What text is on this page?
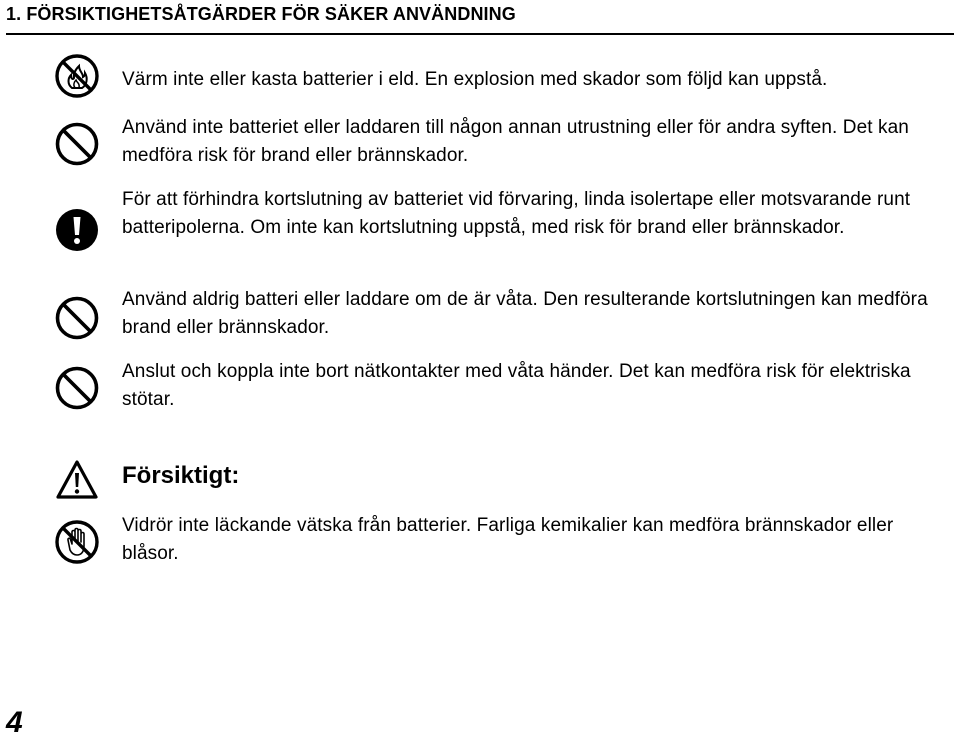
1. FÖRSIKTIGHETSÅTGÄRDER FÖR SÄKER ANVÄNDNING
Värm inte eller kasta batterier i eld. En explosion med skador som följd kan uppstå.
Använd inte batteriet eller laddaren till någon annan utrustning eller för andra syften. Det kan medföra risk för brand eller brännskador.
För att förhindra kortslutning av batteriet vid förvaring, linda isolertape eller motsvarande runt batteripolerna. Om inte kan kortslutning uppstå, med risk för brand eller brännskador.
Använd aldrig batteri eller laddare om de är våta. Den resulterande kortslutningen kan medföra brand eller brännskador.
Anslut och koppla inte bort nätkontakter med våta händer. Det kan medföra risk för elektriska stötar.
Försiktigt:
Vidrör inte läckande vätska från batterier. Farliga kemikalier kan medföra brännskador eller blåsor.
4
